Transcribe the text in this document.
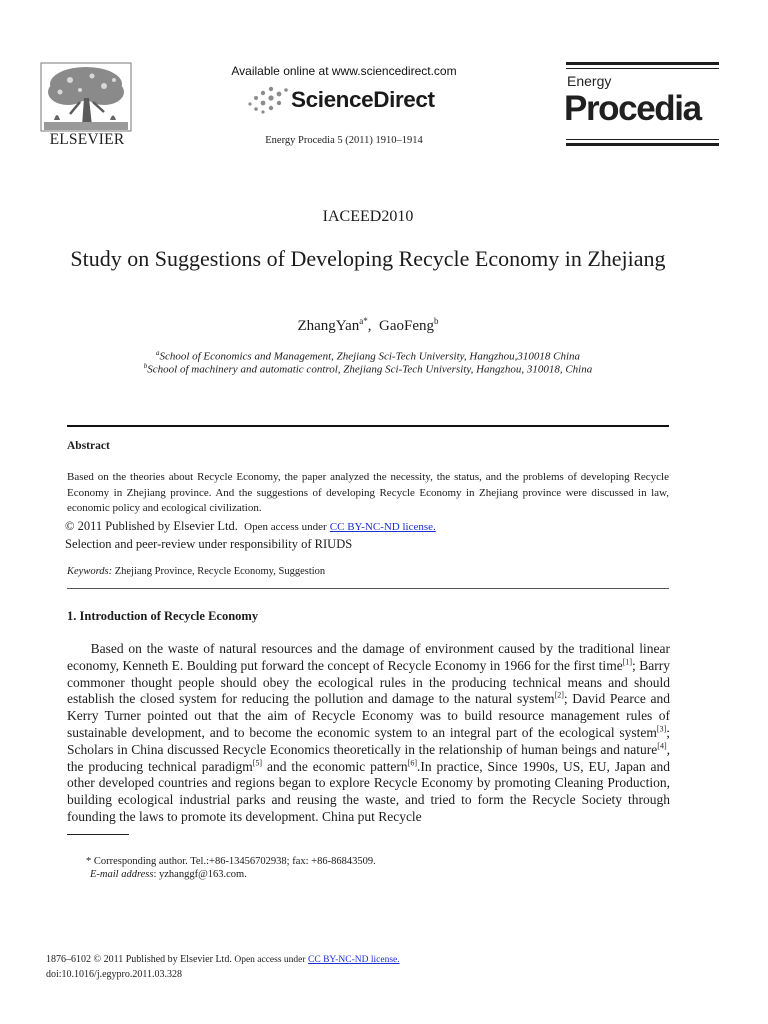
ELSEVIER
Available online at www.sciencedirect.com
ScienceDirect
Energy Procedia 5 (2011) 1910–1914
Energy
Procedia
IACEED2010
Study on Suggestions of Developing Recycle Economy in Zhejiang
ZhangYan$^{a*}$, GaoFeng$^b$
$^a$School of Economics and Management, Zhejiang Sci-Tech University, Hangzhou,310018 China
$^b$School of machinery and automatic control, Zhejiang Sci-Tech University, Hangzhou, 310018, China
Abstract
Based on the theories about Recycle Economy, the paper analyzed the necessity, the status, and the problems of developing Recycle Economy in Zhejiang province. And the suggestions of developing Recycle Economy in Zhejiang province were discussed in law, economic policy and ecological civilization.
© 2011 Published by Elsevier Ltd. Open access under CC BY-NC-ND license.
Selection and peer-review under responsibility of RIUDS
Keywords: Zhejiang Province, Recycle Economy, Suggestion
1. Introduction of Recycle Economy
Based on the waste of natural resources and the damage of environment caused by the traditional linear economy, Kenneth E. Boulding put forward the concept of Recycle Economy in 1966 for the first time[1]; Barry commoner thought people should obey the ecological rules in the producing technical means and should establish the closed system for reducing the pollution and damage to the natural system[2]; David Pearce and Kerry Turner pointed out that the aim of Recycle Economy was to build resource management rules of sustainable development, and to become the economic system to an integral part of the ecological system[3]; Scholars in China discussed Recycle Economics theoretically in the relationship of human beings and nature[4], the producing technical paradigm[5] and the economic pattern[6].In practice, Since 1990s, US, EU, Japan and other developed countries and regions began to explore Recycle Economy by promoting Cleaning Production, building ecological industrial parks and reusing the waste, and tried to form the Recycle Society through founding the laws to promote its development. China put Recycle
* Corresponding author. Tel.:+86-13456702938; fax: +86-86843509.
E-mail address: yzhanggf@163.com.
1876–6102 © 2011 Published by Elsevier Ltd. Open access under CC BY-NC-ND license.
doi:10.1016/j.egypro.2011.03.328
